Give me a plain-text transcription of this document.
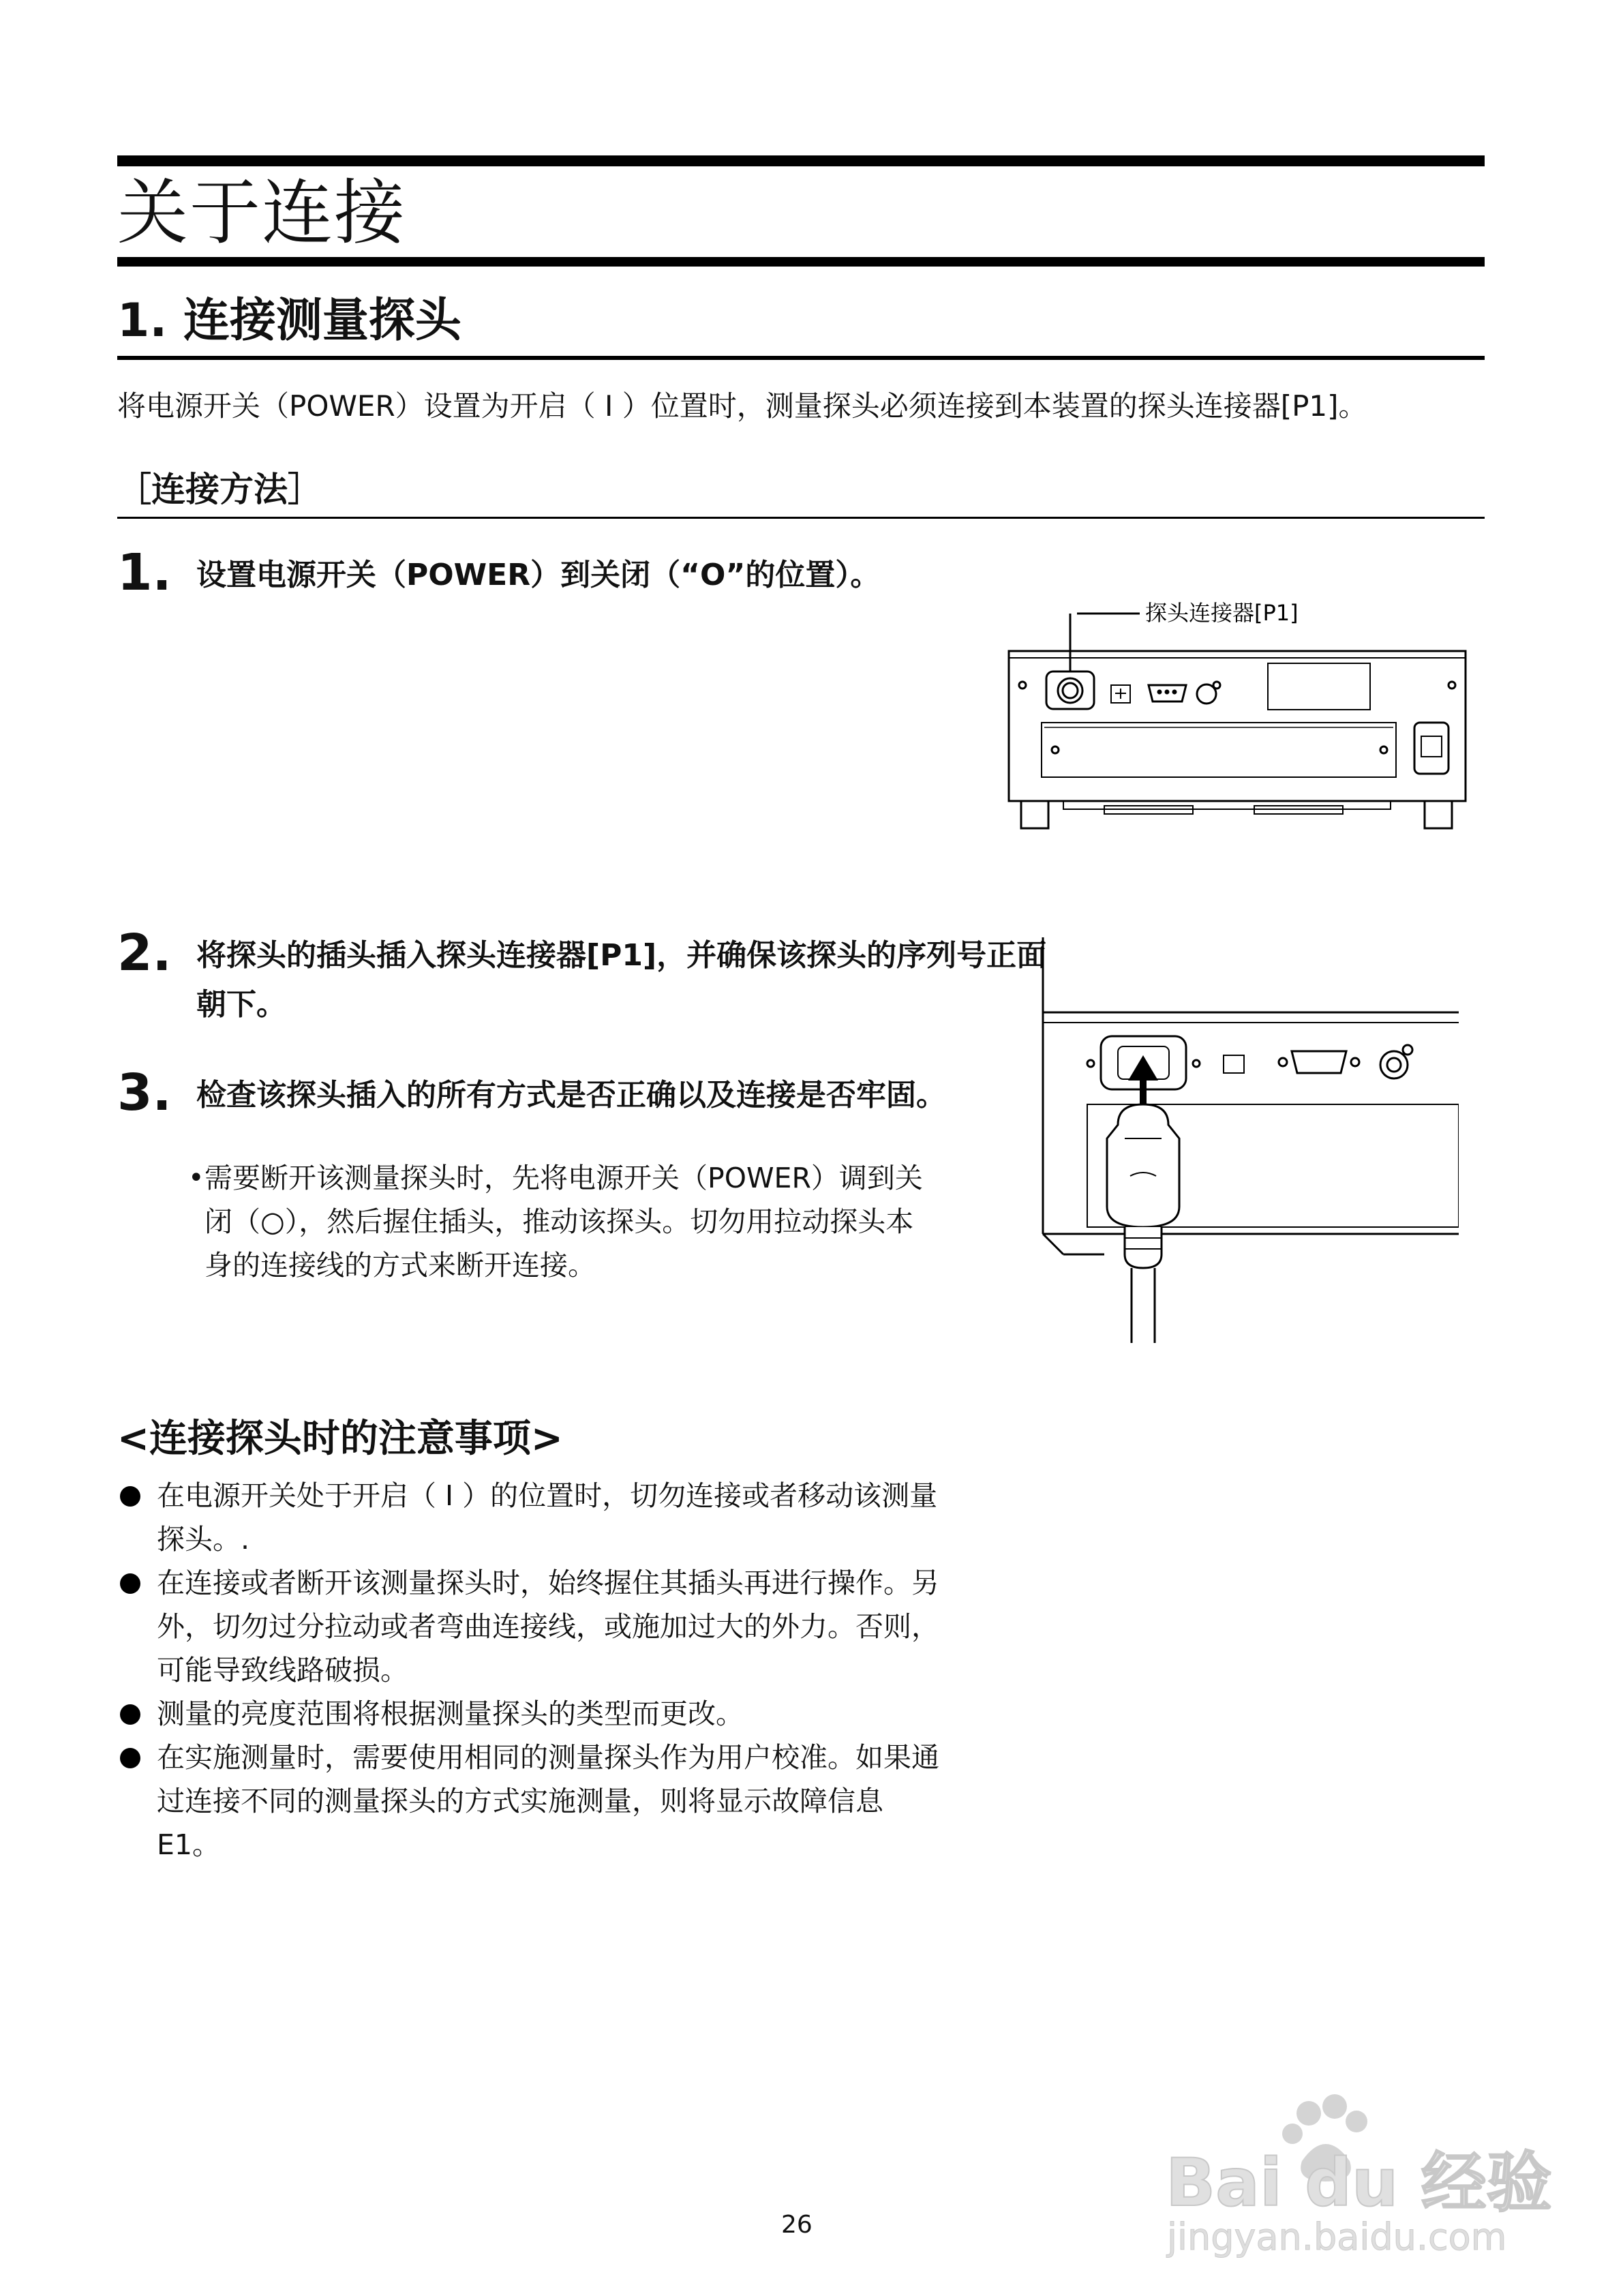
关于连接
1. 连接测量探头

将电源开关（POWER）设置为开启（ I ）位置时，测量探头必须连接到本装置的探头连接器[P1]。

［连接方法］
1. 设置电源开关（POWER）到关闭（“O”的位置）。
探头连接器[P1]
2. 将探头的插头插入探头连接器[P1]，并确保该探头的序列号正面朝下。
3. 检查该探头插入的所有方式是否正确以及连接是否牢固。
• 需要断开该测量探头时，先将电源开关（POWER）调到关闭（○），然后握住插头，推动该探头。切勿用拉动探头本身的连接线的方式来断开连接。
<连接探头时的注意事项>
在电源开关处于开启（ I ）的位置时，切勿连接或者移动该测量探头。.
在连接或者断开该测量探头时，始终握住其插头再进行操作。另外，切勿过分拉动或者弯曲连接线，或施加过大的外力。否则，可能导致线路破损。
测量的亮度范围将根据测量探头的类型而更改。
在实施测量时，需要使用相同的测量探头作为用户校准。如果通过连接不同的测量探头的方式实施测量，则将显示故障信息 E1。
26
Bai du 经验
jingyan.baidu.com
